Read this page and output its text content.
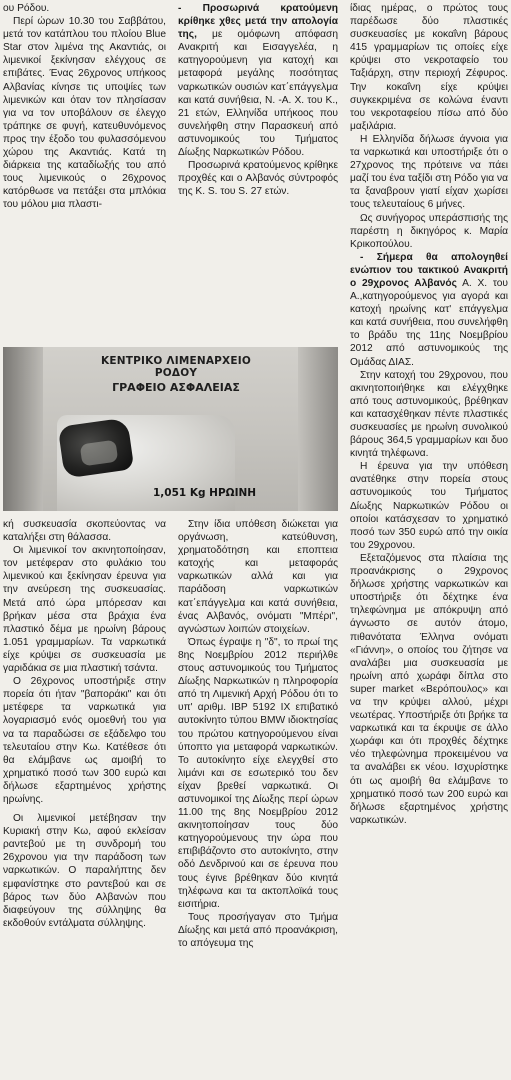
ου Ρόδου.

Περί ώρων 10.30 του Σαββάτου, μετά τον κατάπλου του πλοίου Blue Star στον λιμένα της Ακαντιάς, οι λιμενικοί ξεκίνησαν ελέγχους σε επιβάτες. Ένας 26χρονος υπήκοος Αλβανίας κίνησε τις υποψίες των λιμενικών και όταν τον πλησίασαν για να τον υποβάλουν σε έλεγχο τράπηκε σε φυγή, κατευθυνόμενος προς την έξοδο του φυλασσόμενου χώρου της Ακαντιάς. Κατά τη διάρκεια της καταδίωξής του από τους λιμενικούς ο 26χρονος κατόρθωσε να πετάξει στα μπλόκια του μόλου μια πλαστι-

- Προσωρινά κρατούμενη κρίθηκε χθες μετά την απολογία της, με ομόφωνη απόφαση Ανακριτή και Εισαγγελέα, η κατηγορούμενη για κατοχή και μεταφορά μεγάλης ποσότητας ναρκωτικών ουσιών κατ΄επάγγελμα και κατά συνήθεια, Ν. -Α. Χ. του Κ., 21 ετών, Ελληνίδα υπήκοος που συνελήφθη στην Παρασκευή από αστυνομικούς του Τμήματος Δίωξης Ναρκωτικών Ρόδου.

Προσωρινά κρατούμενος κρίθηκε προχθές και ο Αλβανός σύντροφός της Κ. S. του S. 27 ετών.

ίδιας ημέρας, ο πρώτος τους παρέδωσε δύο πλαστικές συσκευασίες με κοκαΐνη βάρους 415 γραμμαρίων τις οποίες είχε κρύψει στο νεκροταφείο του Ταξιάρχη, στην περιοχή Ζέφυρος. Την κοκαΐνη είχε κρύψει συγκεκριμένα σε κολώνα έναντι του νεκροταφείου πίσω από δύο μαξιλάρια.

Η Ελληνίδα δήλωσε άγνοια για τα ναρκωτικά και υποστήριξε ότι ο 27χρονος της πρότεινε να πάει μαζί του ένα ταξίδι στη Ρόδο για να τα ξαναβρουν γιατί είχαν χωρίσει τους τελευταίους 6 μήνες.

Ως συνήγορος υπεράσπισής της παρέστη η δικηγόρος κ. Μαρία Κρικοπούλου.

- Σήμερα θα απολογηθεί ενώπιον του τακτικού Ανακριτή ο 29χρονος Αλβανός Α. Χ. του Α.,κατηγορούμενος για αγορά και κατοχή ηρωίνης κατ' επάγγελμα και κατά συνήθεια, που συνελήφθη το βράδυ της 11ης Νοεμβρίου 2012 από αστυνομικούς της Ομάδας ΔΙΑΣ.

Στην κατοχή του 29χρονου, που ακινητοποιήθηκε και ελέγχθηκε από τους αστυνομικούς, βρέθηκαν και κατασχέθηκαν πέντε πλαστικές συσκευασίες με ηρωίνη συνολικού βάρους 364,5 γραμμαρίων και δυο κινητά τηλέφωνα.

Η έρευνα για την υπόθεση ανατέθηκε στην πορεία στους αστυνομικούς του Τμήματος Δίωξης Ναρκωτικών Ρόδου οι οποίοι κατάσχεσαν το χρηματικό ποσό των 350 ευρώ από την οικία του 29χρονου.

Εξεταζόμενος στα πλαίσια της προανάκρισης ο 29χρονος δήλωσε χρήστης ναρκωτικών και υποστήριξε ότι δέχτηκε ένα τηλεφώνημα με απόκρυψη από άγνωστο σε αυτόν άτομο, πιθανότατα Έλληνα ονόματι «Γιάννη», ο οποίος του ζήτησε να αναλάβει μια συσκευασία με ηρωίνη από χωράφι δίπλα στο super market «Βερόπουλος» και να την κρύψει αλλού, μέχρι νεωτέρας. Υποστήριξε ότι βρήκε τα ναρκωτικά και τα έκρυψε σε άλλο χωράφι και ότι προχθές δέχτηκε νέο τηλεφώνημα προκειμένου να τα αναλάβει εκ νέου. Ισχυρίστηκε ότι ως αμοιβή θα ελάμβανε το χρηματικό ποσό των 200 ευρώ και δήλωσε εξαρτημένος χρήστης ναρκωτικών.

ΚΕΝΤΡΙΚΟ ΛΙΜΕΝΑΡΧΕΙΟ ΡΟΔΟΥ
ΓΡΑΦΕΙΟ ΑΣΦΑΛΕΙΑΣ
1,051 Kg ΗΡΩΙΝΗ

κή συσκευασία σκοπεύοντας να καταλήξει στη θάλασσα.

Οι λιμενικοί τον ακινητοποίησαν, τον μετέφεραν στο φυλάκιο του λιμενικού και ξεκίνησαν έρευνα για την ανεύρεση της συσκευασίας. Μετά από ώρα μπόρεσαν και βρήκαν μέσα στα βράχια ένα πλαστικό δέμα με ηρωίνη βάρους 1.051 γραμμαρίων. Τα ναρκωτικά είχε κρύψει σε συσκευασία με γαριδάκια σε μια πλαστική τσάντα.

Ο 26χρονος υποστήριξε στην πορεία ότι ήταν "βαποράκι" και ότι μετέφερε τα ναρκωτικά για λογαριασμό ενός ομοεθνή του για να τα παραδώσει σε εξάδελφο του τελευταίου στην Κω. Κατέθεσε ότι θα ελάμβανε ως αμοιβή το χρηματικό ποσό των 300 ευρώ και δήλωσε εξαρτημένος χρήστης ηρωίνης.

Οι λιμενικοί μετέβησαν την Κυριακή στην Κω, αφού εκλείσαν ραντεβού με τη συνδρομή του 26χρονου για την παράδοση των ναρκωτικών. Ο παραλήπτης δεν εμφανίστηκε στο ραντεβού και σε βάρος των δύο Αλβανών που διαφεύγουν της σύλληψης θα εκδοθούν εντάλματα σύλληψης.

Στην ίδια υπόθεση διώκεται για οργάνωση, κατεύθυνση, χρηματοδότηση και εποπτεια κατοχής και μεταφοράς ναρκωτικών αλλά και για παράδοση ναρκωτικών κατ΄επάγγελμα και κατά συνήθεια, ένας Αλβανός, ονόματι "Μπέρι", αγνώστων λοιπών στοιχείων.

Όπως έγραψε η "δ", το πρωί της 8ης Νοεμβρίου 2012 περιήλθε στους αστυνομικούς του Τμήματος Δίωξης Ναρκωτικών η πληροφορία από τη Λιμενική Αρχή Ρόδου ότι το υπ' αριθμ. ΙΒΡ 5192 ΙΧ επιβατικό αυτοκίνητο τύπου BMW ιδιοκτησίας του πρώτου κατηγορούμενου είναι ύποπτο για μεταφορά ναρκωτικών. Το αυτοκίνητο είχε ελεγχθεί στο λιμάνι και σε εσωτερικό του δεν είχαν βρεθεί ναρκωτικά. Οι αστυνομικοί της Δίωξης περί ώρων 11.00 της 8ης Νοεμβρίου 2012 ακινητοποίησαν τους δύο κατηγορούμενους την ώρα που επιβιβάζοντο στο αυτοκίνητο, στην οδό Δενδρινού και σε έρευνα που τους έγινε βρέθηκαν δύο κινητά τηλέφωνα και τα ακτοπλοϊκά τους εισιτήρια.

Τους προσήγαγαν στο Τμήμα Δίωξης και μετά από προανάκριση, το απόγευμα της
